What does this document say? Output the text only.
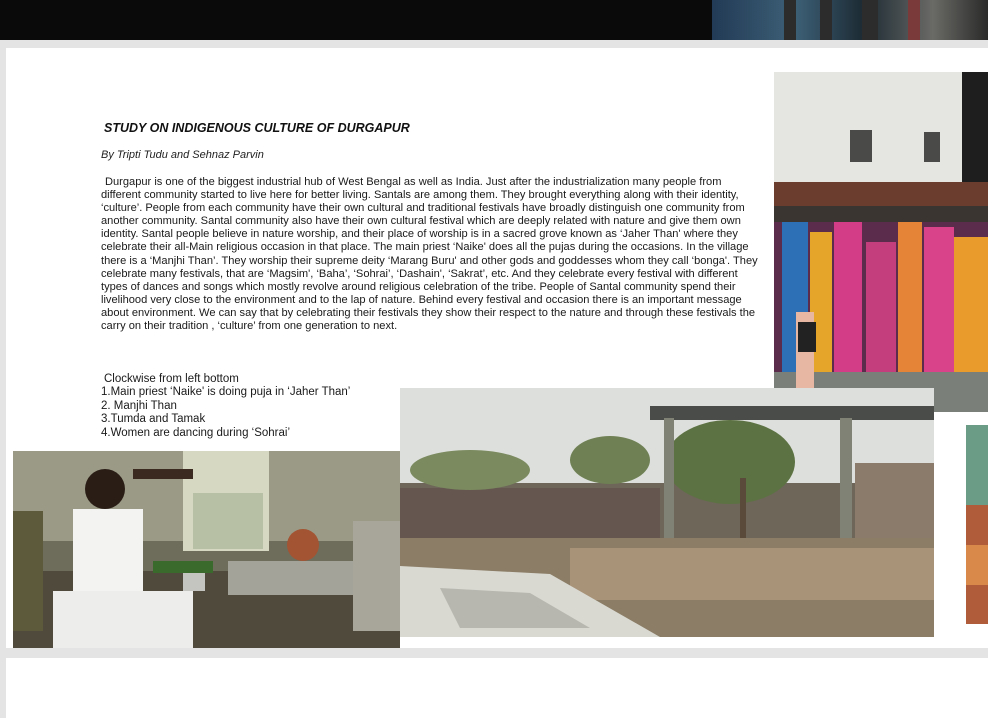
STUDY ON INDIGENOUS CULTURE OF DURGAPUR

By Tripti Tudu and Sehnaz Parvin

Durgapur is one of the biggest industrial hub of West Bengal as well as India. Just after the industrialization many people from different community started to live here for better living. Santals are among them. They brought everything along with their identity, ‘culture’. People from each community have their own cultural and traditional festivals have broadly distinguish one community from another community. Santal community also have their own cultural festival which are deeply related with nature and give them own identity. Santal people believe in nature worship, and their place of worship is in a sacred grove known as ‘Jaher Than' where they celebrate their all-Main religious occasion in that place. The main priest ‘Naike' does all the pujas during the occasions. In the village there is a ‘Manjhi Than’. They worship their supreme deity ‘Marang Buru' and other gods and goddesses whom they call ‘bonga'. They celebrate many festivals, that are ‘Magsim', ‘Baha’, ‘Sohrai’, ‘Dashain', ‘Sakrat’, etc. And they celebrate every festival with different types of dances and songs which mostly revolve around religious celebration of the tribe. People of Santal community spend their livelihood very close to the environment and to the lap of nature. Behind every festival and occasion there is an important message about environment. We can say that by celebrating their festivals they show their respect to the nature and through these festivals the carry on their tradition , ‘culture’ from one generation to next.

Clockwise from left bottom
1.Main priest ‘Naike' is doing puja in ‘Jaher Than’
2. Manjhi Than
3.Tumda and Tamak
4.Women are dancing during ‘Sohrai’
